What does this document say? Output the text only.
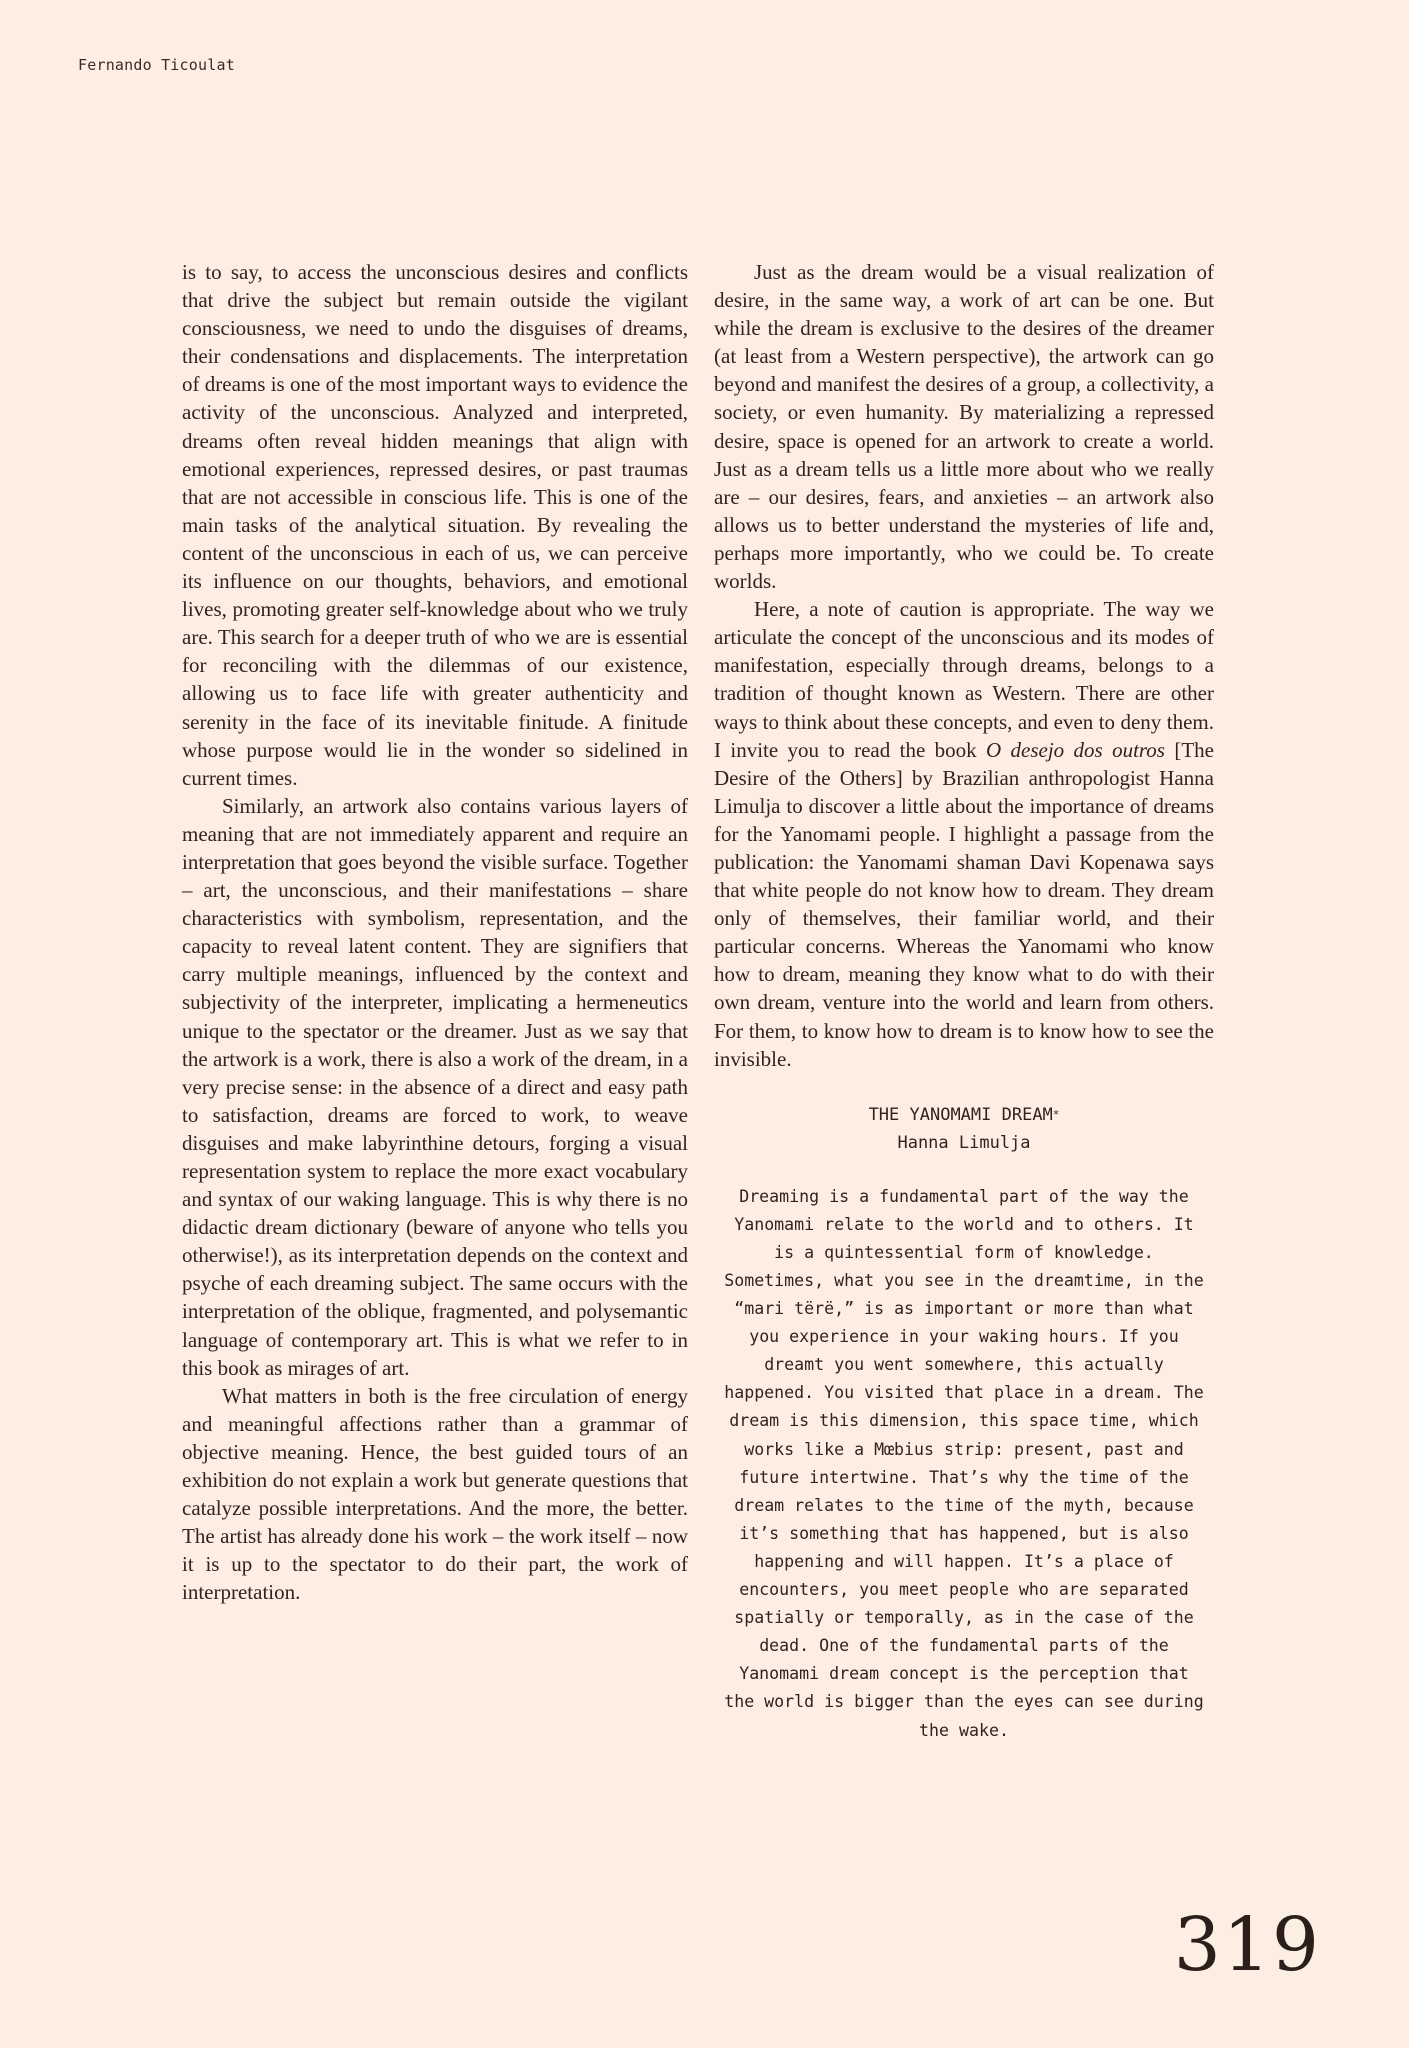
Fernando Ticoulat

is to say, to access the unconscious desires and conflicts that drive the subject but remain outside the vigilant consciousness, we need to undo the disguises of dreams, their condensations and displacements. The interpretation of dreams is one of the most important ways to evidence the activity of the unconscious. Analyzed and interpreted, dreams often reveal hidden meanings that align with emotional experiences, repressed desires, or past traumas that are not accessible in conscious life. This is one of the main tasks of the analytical situation. By revealing the content of the unconscious in each of us, we can perceive its influence on our thoughts, behaviors, and emotional lives, promoting greater self-knowledge about who we truly are. This search for a deeper truth of who we are is essential for reconciling with the dilemmas of our existence, allowing us to face life with greater authenticity and serenity in the face of its inevitable finitude. A finitude whose purpose would lie in the wonder so sidelined in current times.

Similarly, an artwork also contains various layers of meaning that are not immediately apparent and require an interpretation that goes beyond the visible surface. Together – art, the unconscious, and their manifestations – share characteristics with symbolism, representation, and the capacity to reveal latent content. They are signifiers that carry multiple meanings, influenced by the context and subjectivity of the interpreter, implicating a hermeneutics unique to the spectator or the dreamer. Just as we say that the artwork is a work, there is also a work of the dream, in a very precise sense: in the absence of a direct and easy path to satisfaction, dreams are forced to work, to weave disguises and make labyrinthine detours, forging a visual representation system to replace the more exact vocabulary and syntax of our waking language. This is why there is no didactic dream dictionary (beware of anyone who tells you otherwise!), as its interpretation depends on the context and psyche of each dreaming subject. The same occurs with the interpretation of the oblique, fragmented, and polysemantic language of contemporary art. This is what we refer to in this book as mirages of art.

What matters in both is the free circulation of energy and meaningful affections rather than a grammar of objective meaning. Hence, the best guided tours of an exhibition do not explain a work but generate questions that catalyze possible interpretations. And the more, the better. The artist has already done his work – the work itself – now it is up to the spectator to do their part, the work of interpretation.

Just as the dream would be a visual realization of desire, in the same way, a work of art can be one. But while the dream is exclusive to the desires of the dreamer (at least from a Western perspective), the artwork can go beyond and manifest the desires of a group, a collectivity, a society, or even humanity. By materializing a repressed desire, space is opened for an artwork to create a world. Just as a dream tells us a little more about who we really are – our desires, fears, and anxieties – an artwork also allows us to better understand the mysteries of life and, perhaps more importantly, who we could be. To create worlds.

Here, a note of caution is appropriate. The way we articulate the concept of the unconscious and its modes of manifestation, especially through dreams, belongs to a tradition of thought known as Western. There are other ways to think about these concepts, and even to deny them. I invite you to read the book O desejo dos outros [The Desire of the Others] by Brazilian anthropologist Hanna Limulja to discover a little about the importance of dreams for the Yanomami people. I highlight a passage from the publication: the Yanomami shaman Davi Kopenawa says that white people do not know how to dream. They dream only of themselves, their familiar world, and their particular concerns. Whereas the Yanomami who know how to dream, meaning they know what to do with their own dream, venture into the world and learn from others. For them, to know how to dream is to know how to see the invisible.

THE YANOMAMI DREAM*
Hanna Limulja
Dreaming is a fundamental part of the way the Yanomami relate to the world and to others. It is a quintessential form of knowledge. Sometimes, what you see in the dreamtime, in the “mari tërë,” is as important or more than what you experience in your waking hours. If you dreamt you went somewhere, this actually happened. You visited that place in a dream. The dream is this dimension, this space time, which works like a Mœbius strip: present, past and future intertwine. That’s why the time of the dream relates to the time of the myth, because it’s something that has happened, but is also happening and will happen. It’s a place of encounters, you meet people who are separated spatially or temporally, as in the case of the dead. One of the fundamental parts of the Yanomami dream concept is the perception that the world is bigger than the eyes can see during the wake.
319
